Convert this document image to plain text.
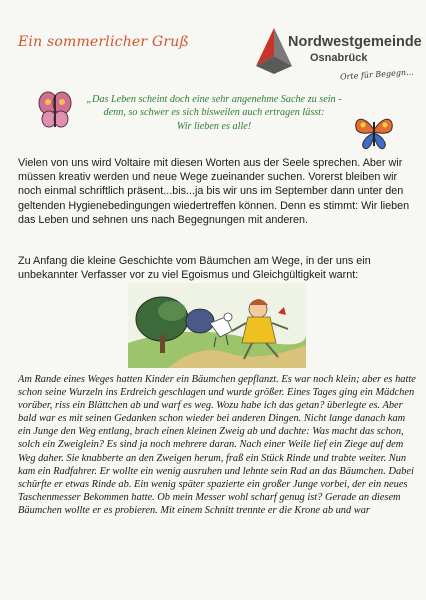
Ein sommerlicher Gruß	Nordwestgemeinde
Osnabrück
Orte für Begegn...

„Das Leben scheint doch eine sehr angenehme Sache zu sein -

denn, so schwer es sich bisweilen auch ertragen lässt:

Wir lieben es alle!

Vielen von uns wird Voltaire mit diesen Worten aus der Seele sprechen. Aber wir müssen kreativ werden und neue Wege zueinander suchen. Vorerst bleiben wir noch einmal schriftlich präsent...bis...ja bis wir uns im September dann unter den geltenden Hygienebedingungen wiedertreffen können. Denn es stimmt: Wir lieben das Leben und sehnen uns nach Begegnungen mit anderen.

Zu Anfang die kleine Geschichte vom Bäumchen am Wege, in der uns ein unbekannter Verfasser vor zu viel Egoismus und Gleichgültigkeit warnt:

Am Rande eines Weges hatten Kinder ein Bäumchen gepflanzt. Es war noch klein; aber es hatte schon seine Wurzeln ins Erdreich geschlagen und wurde größer. Eines Tages ging ein Mädchen vorüber, riss ein Blättchen ab und warf es weg. Wozu habe ich das getan? überlegte es. Aber bald war es mit seinen Gedanken schon wieder bei anderen Dingen. Nicht lange danach kam ein Junge den Weg entlang, brach einen kleinen Zweig ab und dachte: Was macht das schon, solch ein Zweiglein? Es sind ja noch mehrere daran. Nach einer Weile lief ein Ziege auf dem Weg daher. Sie knabberte an den Zweigen herum, fraß ein Stück Rinde und trabte weiter. Nun kam ein Radfahrer. Er wollte ein wenig ausruhen und lehnte sein Rad an das Bäumchen. Dabei schürfte er etwas Rinde ab. Ein wenig später spazierte ein großer Junge vorbei, der ein neues Taschenmesser Bekommen hatte. Ob mein Messer wohl scharf genug ist? Gerade an diesem Bäumchen wollte er es probieren. Mit einem Schnitt trennte er die Krone ab und war
